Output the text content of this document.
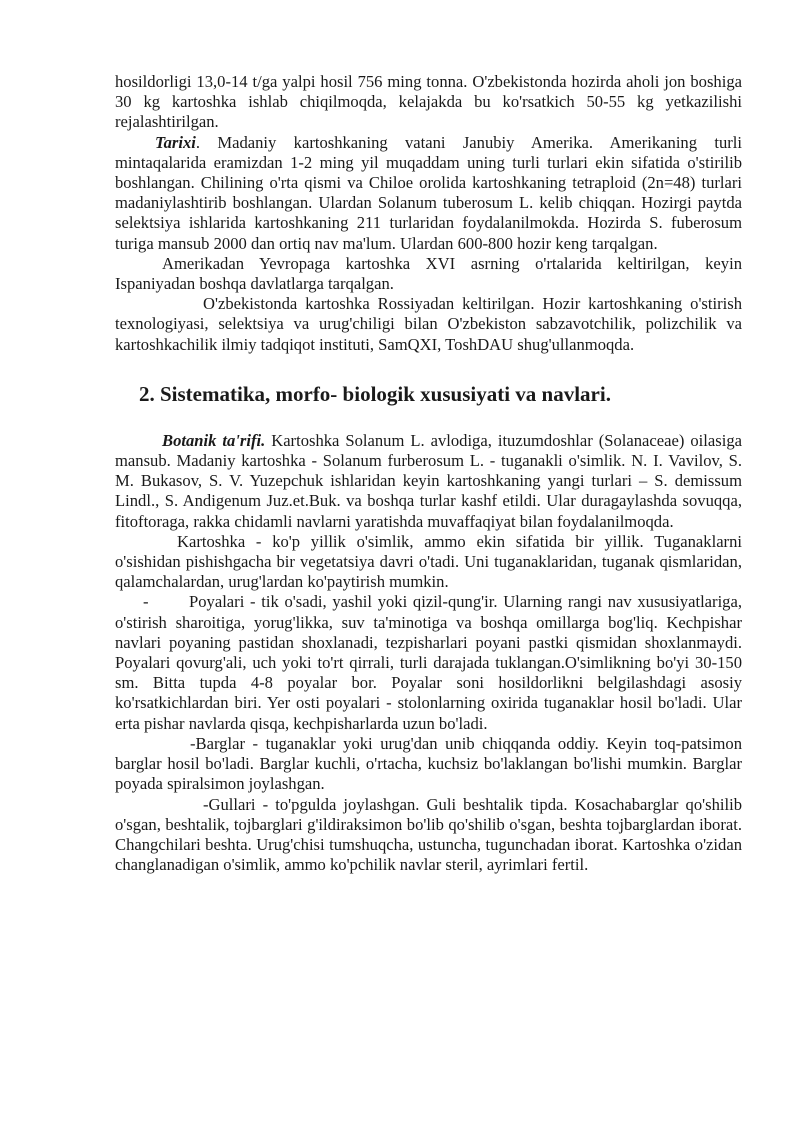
hosildorligi 13,0-14 t/ga yalpi hosil 756 ming tonna. O'zbekistonda hozirda aholi jon boshiga 30 kg kartoshka ishlab chiqilmoqda, kelajakda bu ko'rsatkich 50-55 kg yetkazilishi rejalashtirilgan.

Tarixi. Madaniy kartoshkaning vatani Janubiy Amerika. Amerikaning turli mintaqalarida eramizdan 1-2 ming yil muqaddam uning turli turlari ekin sifatida o'stirilib boshlangan. Chilining o'rta qismi va Chiloe orolida kartoshkaning tetraploid (2n=48) turlari madaniylashtirib boshlangan. Ulardan Solanum tuberosum L. kelib chiqqan. Hozirgi paytda selektsiya ishlarida kartoshkaning 211 turlaridan foydalanilmokda. Hozirda S. fuberosum turiga mansub 2000 dan ortiq nav ma'lum. Ulardan 600-800 hozir keng tarqalgan.

Amerikadan Yevropaga kartoshka XVI asrning o'rtalarida keltirilgan, keyin Ispaniyadan boshqa davlatlarga tarqalgan.

O'zbekistonda kartoshka Rossiyadan keltirilgan. Hozir kartoshkaning o'stirish texnologiyasi, selektsiya va urug'chiligi bilan O'zbekiston sabzavotchilik, polizchilik va kartoshkachilik ilmiy tadqiqot instituti, SamQXI, ToshDAU shug'ullanmoqda.

2. Sistematika, morfo- biologik xususiyati va navlari.

Botanik ta'rifi. Kartoshka Solanum L. avlodiga, ituzumdoshlar (Solanaceae) oilasiga mansub. Madaniy kartoshka - Solanum furberosum L. - tuganakli o'simlik. N. I. Vavilov, S. M. Bukasov, S. V. Yuzepchuk ishlaridan keyin kartoshkaning yangi turlari – S. demissum Lindl., S. Andigenum Juz.et.Buk. va boshqa turlar kashf etildi. Ular duragaylashda sovuqqa, fitoftoraga, rakka chidamli navlarni yaratishda muvaffaqiyat bilan foydalanilmoqda.

Kartoshka - ko'p yillik o'simlik, ammo ekin sifatida bir yillik. Tuganaklarni o'sishidan pishishgacha bir vegetatsiya davri o'tadi. Uni tuganaklaridan, tuganak qismlaridan, qalamchalardan, urug'lardan ko'paytirish mumkin.

- Poyalari - tik o'sadi, yashil yoki qizil-qung'ir. Ularning rangi nav xususiyatlariga, o'stirish sharoitiga, yorug'likka, suv ta'minotiga va boshqa omillarga bog'liq. Kechpishar navlari poyaning pastidan shoxlanadi, tezpisharlari poyani pastki qismidan shoxlanmaydi. Poyalari qovurg'ali, uch yoki to'rt qirrali, turli darajada tuklangan.O'simlikning bo'yi 30-150 sm. Bitta tupda 4-8 poyalar bor. Poyalar soni hosildorlikni belgilashdagi asosiy ko'rsatkichlardan biri. Yer osti poyalari - stolonlarning oxirida tuganaklar hosil bo'ladi. Ular erta pishar navlarda qisqa, kechpisharlarda uzun bo'ladi.

-Barglar - tuganaklar yoki urug'dan unib chiqqanda oddiy. Keyin toq-patsimon barglar hosil bo'ladi. Barglar kuchli, o'rtacha, kuchsiz bo'laklangan bo'lishi mumkin. Barglar poyada spiralsimon joylashgan.

-Gullari - to'pgulda joylashgan. Guli beshtalik tipda. Kosachabarglar qo'shilib o'sgan, beshtalik, tojbarglari g'ildiraksimon bo'lib qo'shilib o'sgan, beshta tojbarglardan iborat. Changchilari beshta. Urug'chisi tumshuqcha, ustuncha, tugunchadan iborat. Kartoshka o'zidan changlanadigan o'simlik, ammo ko'pchilik navlar steril, ayrimlari fertil.
